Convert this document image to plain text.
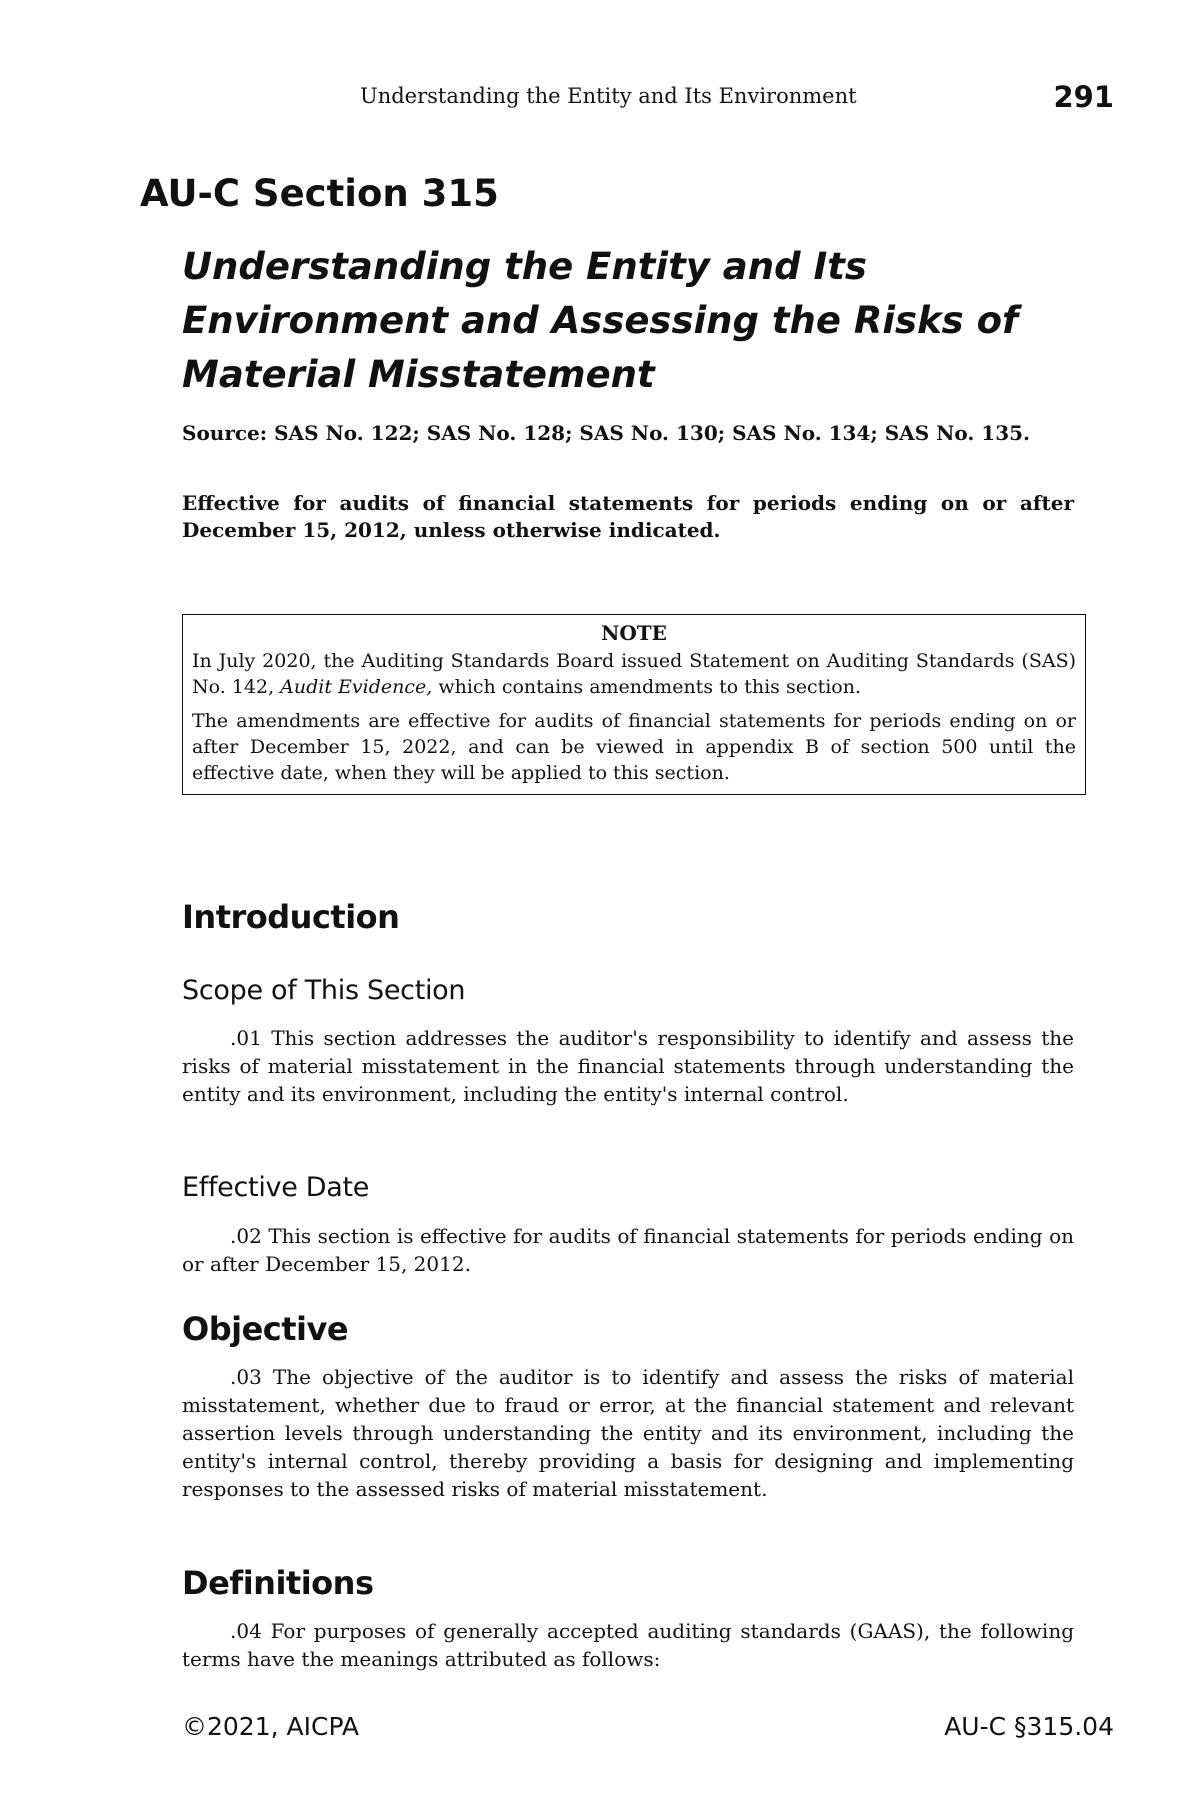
Understanding the Entity and Its Environment	291
AU-C Section 315
Understanding the Entity and Its Environment and Assessing the Risks of Material Misstatement

Source: SAS No. 122; SAS No. 128; SAS No. 130; SAS No. 134; SAS No. 135.

Effective for audits of financial statements for periods ending on or after December 15, 2012, unless otherwise indicated.

NOTE

In July 2020, the Auditing Standards Board issued Statement on Auditing Standards (SAS) No. 142, Audit Evidence, which contains amendments to this section.

The amendments are effective for audits of financial statements for periods ending on or after December 15, 2022, and can be viewed in appendix B of section 500 until the effective date, when they will be applied to this section.

Introduction
Scope of This Section

.01 This section addresses the auditor's responsibility to identify and assess the risks of material misstatement in the financial statements through understanding the entity and its environment, including the entity's internal control.

Effective Date

.02 This section is effective for audits of financial statements for periods ending on or after December 15, 2012.

Objective

.03 The objective of the auditor is to identify and assess the risks of material misstatement, whether due to fraud or error, at the financial statement and relevant assertion levels through understanding the entity and its environment, including the entity's internal control, thereby providing a basis for designing and implementing responses to the assessed risks of material misstatement.

Definitions

.04 For purposes of generally accepted auditing standards (GAAS), the following terms have the meanings attributed as follows:

©2021, AICPA	AU-C §315.04
